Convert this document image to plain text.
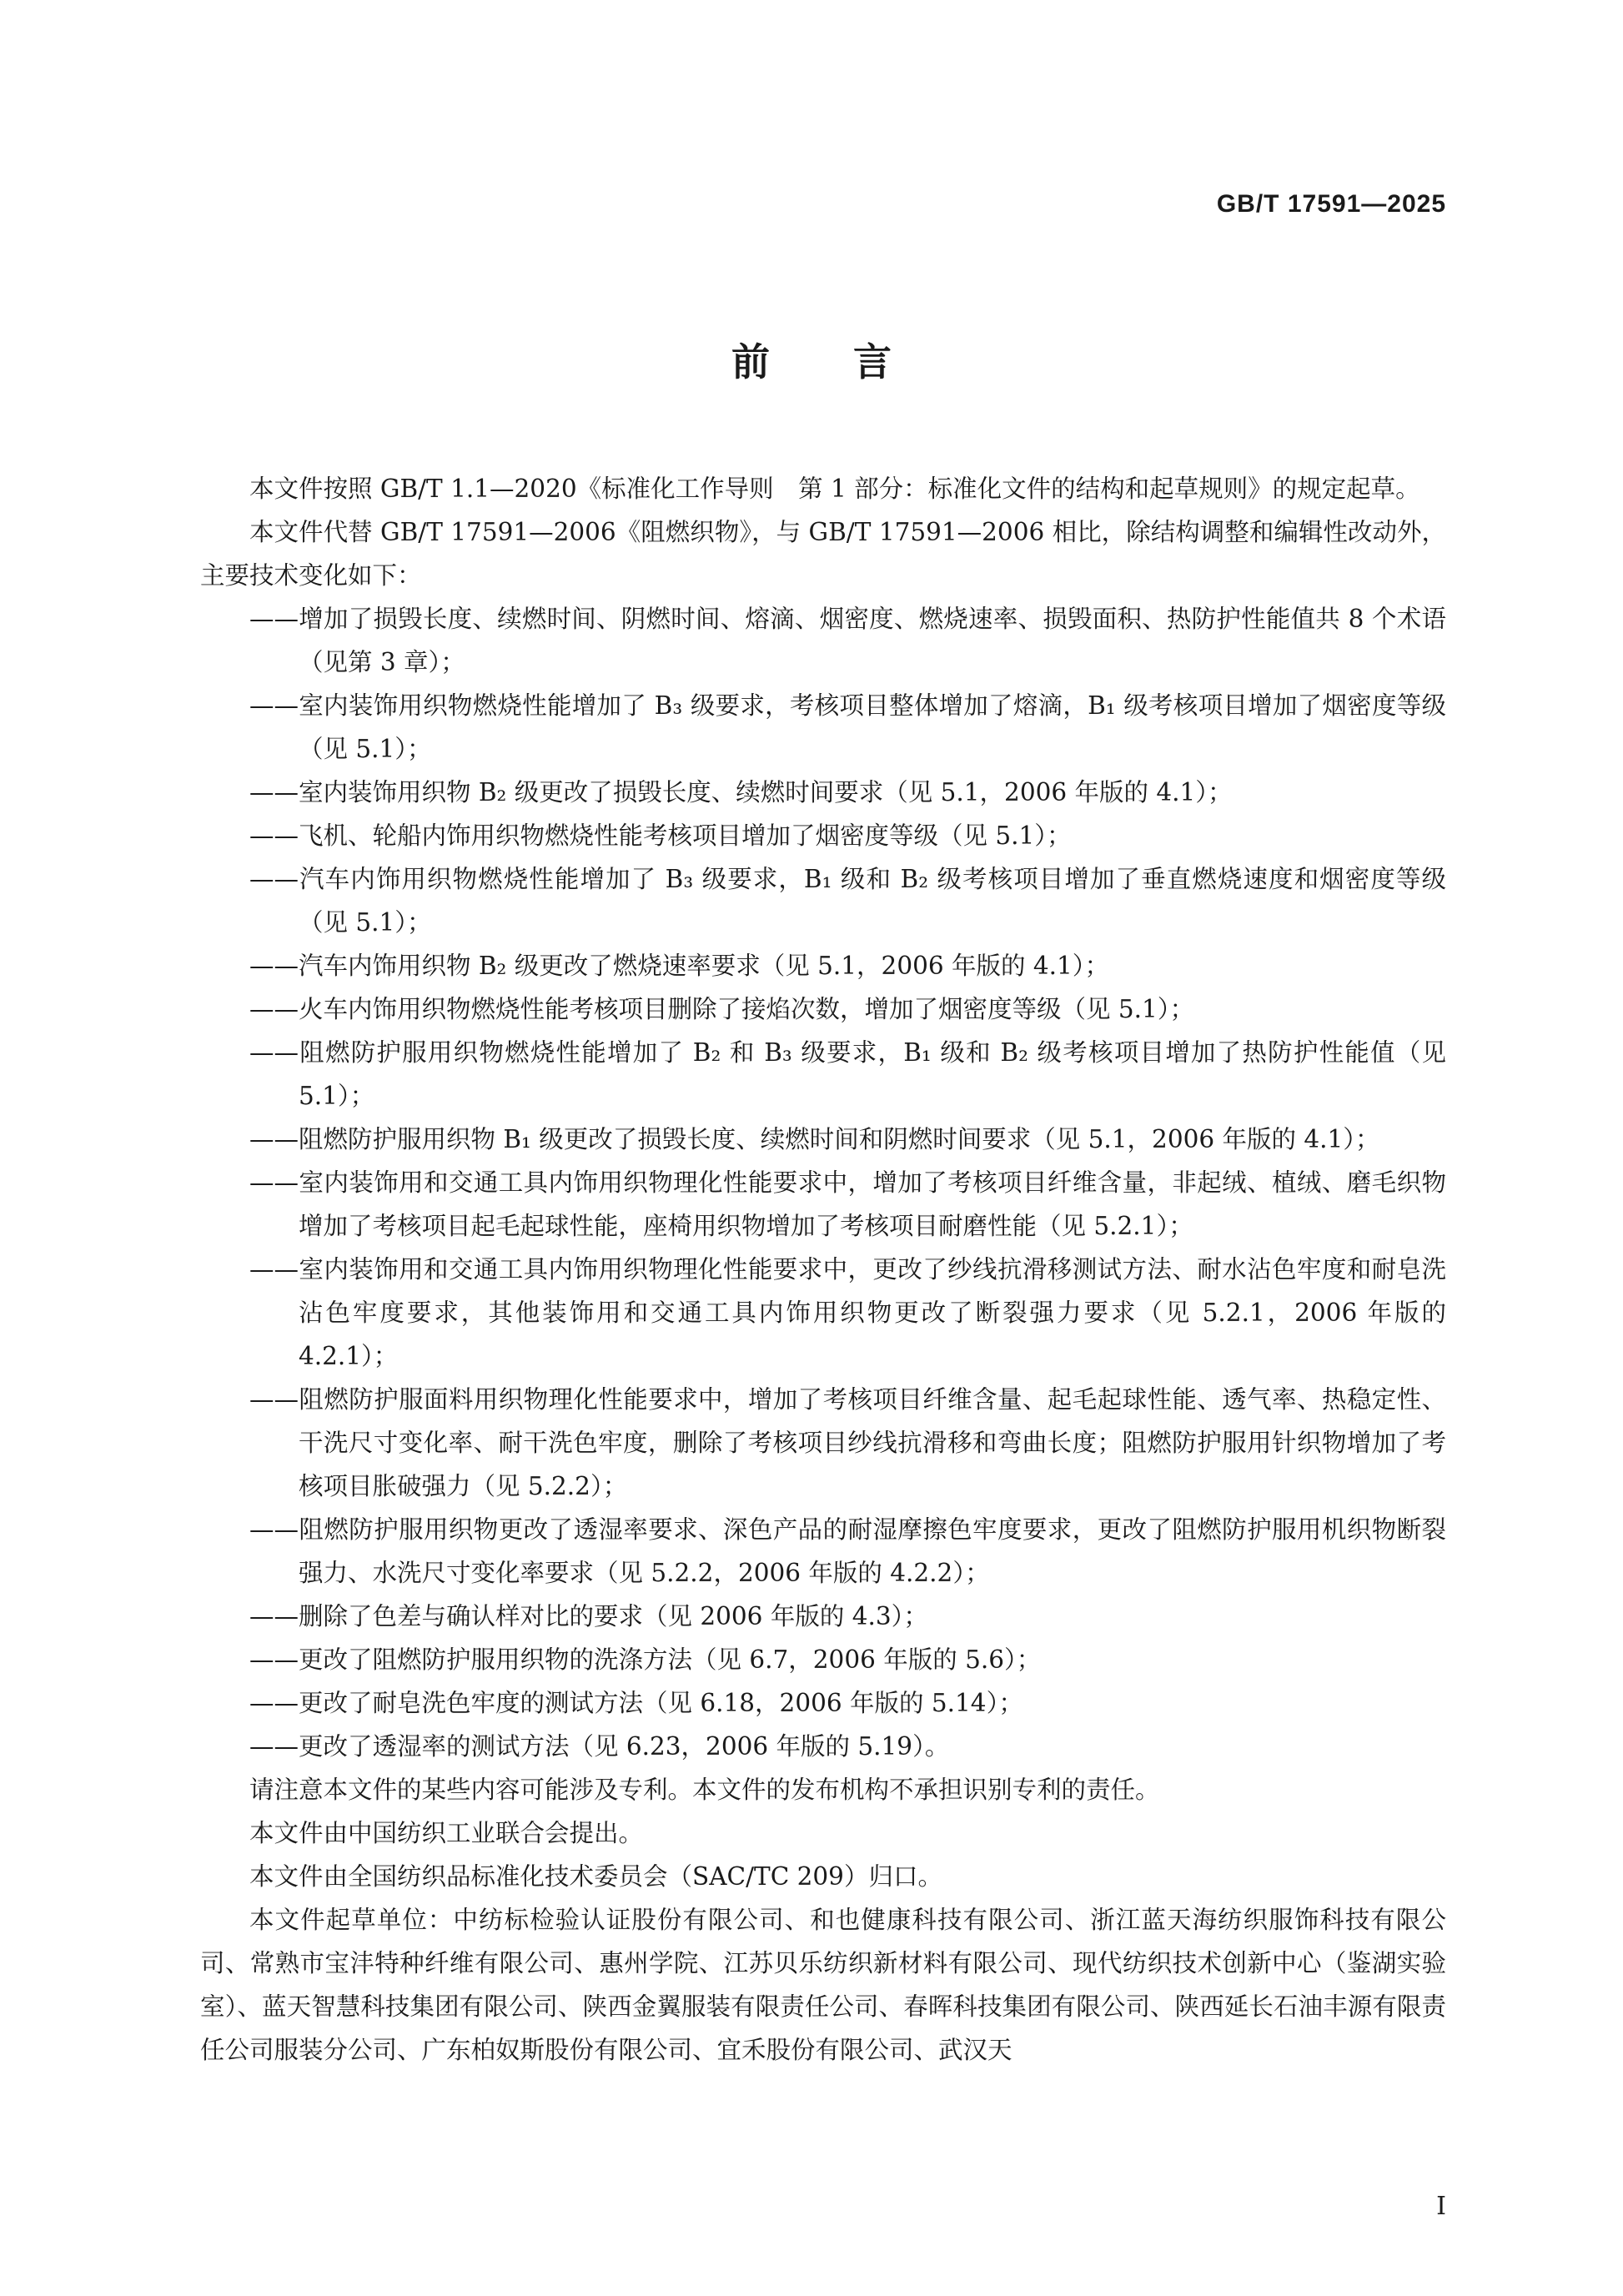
GB/T 17591—2025
前 言

本文件按照 GB/T 1.1—2020《标准化工作导则　第 1 部分：标准化文件的结构和起草规则》的规定起草。

本文件代替 GB/T 17591—2006《阻燃织物》，与 GB/T 17591—2006 相比，除结构调整和编辑性改动外，主要技术变化如下：

——增加了损毁长度、续燃时间、阴燃时间、熔滴、烟密度、燃烧速率、损毁面积、热防护性能值共 8 个术语（见第 3 章）；

——室内装饰用织物燃烧性能增加了 B₃ 级要求，考核项目整体增加了熔滴，B₁ 级考核项目增加了烟密度等级（见 5.1）；

——室内装饰用织物 B₂ 级更改了损毁长度、续燃时间要求（见 5.1，2006 年版的 4.1）；

——飞机、轮船内饰用织物燃烧性能考核项目增加了烟密度等级（见 5.1）；

——汽车内饰用织物燃烧性能增加了 B₃ 级要求，B₁ 级和 B₂ 级考核项目增加了垂直燃烧速度和烟密度等级（见 5.1）；

——汽车内饰用织物 B₂ 级更改了燃烧速率要求（见 5.1，2006 年版的 4.1）；

——火车内饰用织物燃烧性能考核项目删除了接焰次数，增加了烟密度等级（见 5.1）；

——阻燃防护服用织物燃烧性能增加了 B₂ 和 B₃ 级要求，B₁ 级和 B₂ 级考核项目增加了热防护性能值（见 5.1）；

——阻燃防护服用织物 B₁ 级更改了损毁长度、续燃时间和阴燃时间要求（见 5.1，2006 年版的 4.1）；

——室内装饰用和交通工具内饰用织物理化性能要求中，增加了考核项目纤维含量，非起绒、植绒、磨毛织物增加了考核项目起毛起球性能，座椅用织物增加了考核项目耐磨性能（见 5.2.1）；

——室内装饰用和交通工具内饰用织物理化性能要求中，更改了纱线抗滑移测试方法、耐水沾色牢度和耐皂洗沾色牢度要求，其他装饰用和交通工具内饰用织物更改了断裂强力要求（见 5.2.1，2006 年版的 4.2.1）；

——阻燃防护服面料用织物理化性能要求中，增加了考核项目纤维含量、起毛起球性能、透气率、热稳定性、干洗尺寸变化率、耐干洗色牢度，删除了考核项目纱线抗滑移和弯曲长度；阻燃防护服用针织物增加了考核项目胀破强力（见 5.2.2）；

——阻燃防护服用织物更改了透湿率要求、深色产品的耐湿摩擦色牢度要求，更改了阻燃防护服用机织物断裂强力、水洗尺寸变化率要求（见 5.2.2，2006 年版的 4.2.2）；

——删除了色差与确认样对比的要求（见 2006 年版的 4.3）；

——更改了阻燃防护服用织物的洗涤方法（见 6.7，2006 年版的 5.6）；

——更改了耐皂洗色牢度的测试方法（见 6.18，2006 年版的 5.14）；

——更改了透湿率的测试方法（见 6.23，2006 年版的 5.19）。

请注意本文件的某些内容可能涉及专利。本文件的发布机构不承担识别专利的责任。

本文件由中国纺织工业联合会提出。

本文件由全国纺织品标准化技术委员会（SAC/TC 209）归口。

本文件起草单位：中纺标检验认证股份有限公司、和也健康科技有限公司、浙江蓝天海纺织服饰科技有限公司、常熟市宝沣特种纤维有限公司、惠州学院、江苏贝乐纺织新材料有限公司、现代纺织技术创新中心（鉴湖实验室）、蓝天智慧科技集团有限公司、陕西金翼服装有限责任公司、春晖科技集团有限公司、陕西延长石油丰源有限责任公司服装分公司、广东柏奴斯股份有限公司、宜禾股份有限公司、武汉天

I
